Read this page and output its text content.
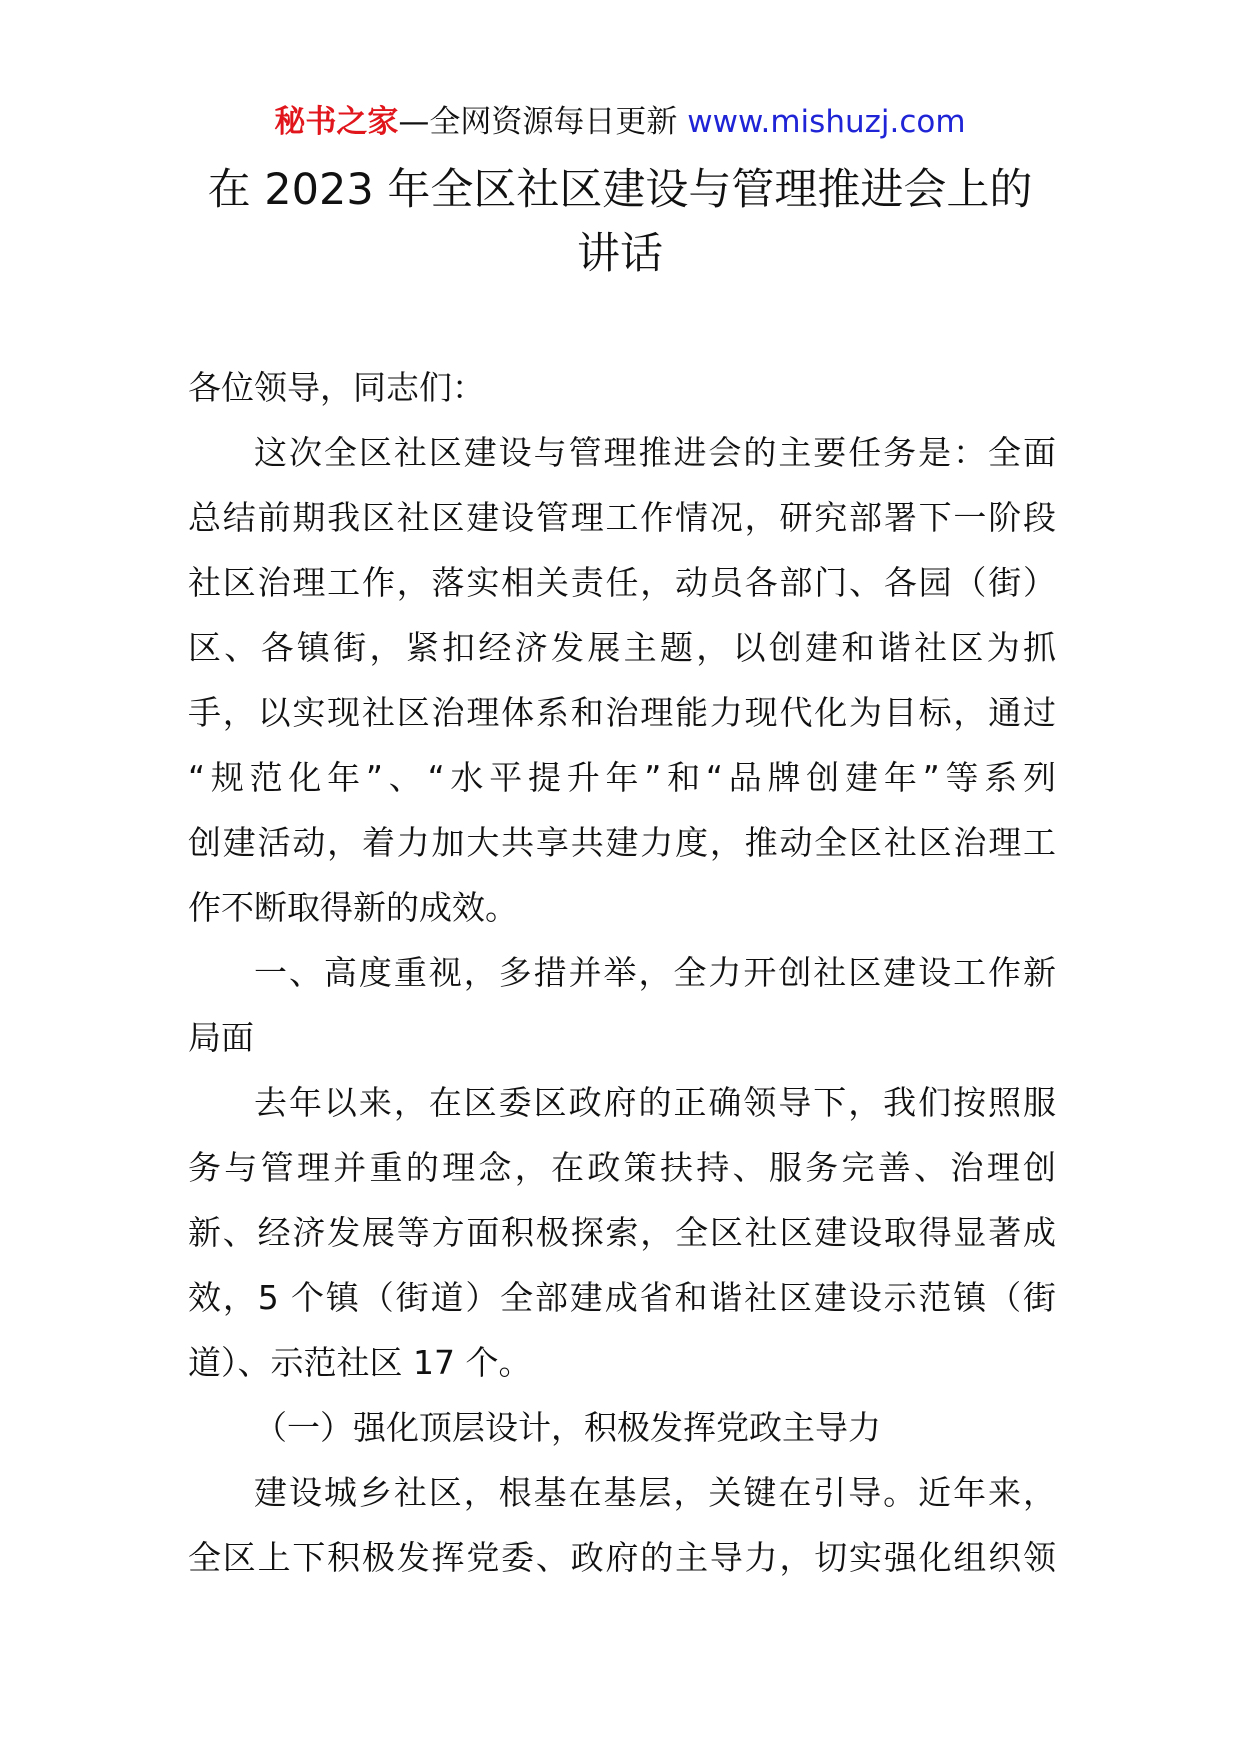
秘书之家—全网资源每日更新 www.mishuzj.com
在 2023 年全区社区建设与管理推进会上的
讲话
各位领导，同志们：
这次全区社区建设与管理推进会的主要任务是：全面
总结前期我区社区建设管理工作情况，研究部署下一阶段
社区治理工作，落实相关责任，动员各部门、各园（街）
区、各镇街，紧扣经济发展主题，以创建和谐社区为抓
手，以实现社区治理体系和治理能力现代化为目标，通过
“规范化年”、“水平提升年”和“品牌创建年”等系列
创建活动，着力加大共享共建力度，推动全区社区治理工
作不断取得新的成效。
一、高度重视，多措并举，全力开创社区建设工作新
局面
去年以来，在区委区政府的正确领导下，我们按照服
务与管理并重的理念，在政策扶持、服务完善、治理创
新、经济发展等方面积极探索，全区社区建设取得显著成
效，5 个镇（街道）全部建成省和谐社区建设示范镇（街
道）、示范社区 17 个。
（一）强化顶层设计，积极发挥党政主导力
建设城乡社区，根基在基层，关键在引导。近年来，
全区上下积极发挥党委、政府的主导力，切实强化组织领
